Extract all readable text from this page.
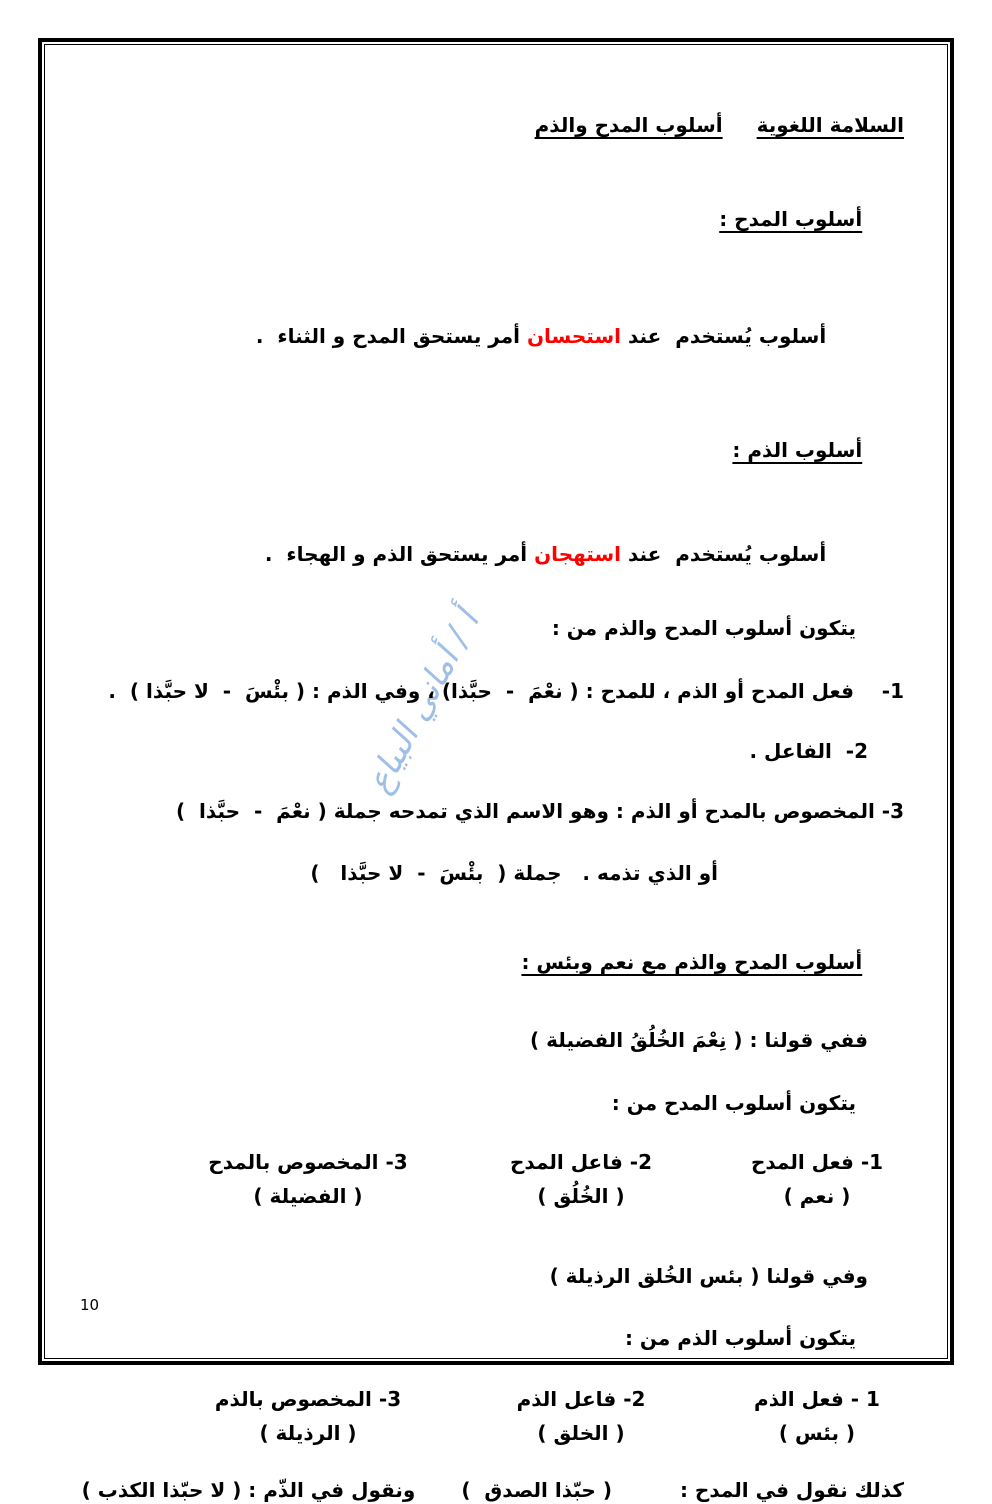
أ / أماني البياع
السلامة اللغوية
أسلوب المدح والذم

أسلوب المدح :

أسلوب يُستخدم  عند استحسان أمر يستحق المدح و الثناء  .

أسلوب الذم :

أسلوب يُستخدم  عند استهجان أمر يستحق الذم و الهجاء  .

يتكون أسلوب المدح والذم من :
1-    فعل المدح أو الذم ، للمدح : ( نعْمَ  -  حبَّذا) ، وفي الذم : ( بئْسَ  -  لا حبَّذا )  .
2-  الفاعل .
3- المخصوص بالمدح أو الذم : وهو الاسم الذي تمدحه جملة ( نعْمَ  -  حبَّذا  )
أو الذي تذمه .   جملة (  بئْسَ  -  لا حبَّذا   )

أسلوب المدح والذم مع نعم وبئس :

ففي قولنا : ( نِعْمَ الخُلُقُ الفضيلة )
يتكون أسلوب المدح من :
1- فعل المدح
( نعم )
2- فاعل المدح
( الخُلُق )
3- المخصوص بالمدح
( الفضيلة )
وفي قولنا ( بئس الخُلق الرذيلة )
يتكون أسلوب الذم من :
1 - فعل الذم
( بئس )
2- فاعل الذم
( الخلق )
3- المخصوص بالذم
( الرذيلة )
كذلك نقول في المدح :
( حبّذا الصدق  )
ونقول في الذّم : ( لا حبّذا الكذب )
10
